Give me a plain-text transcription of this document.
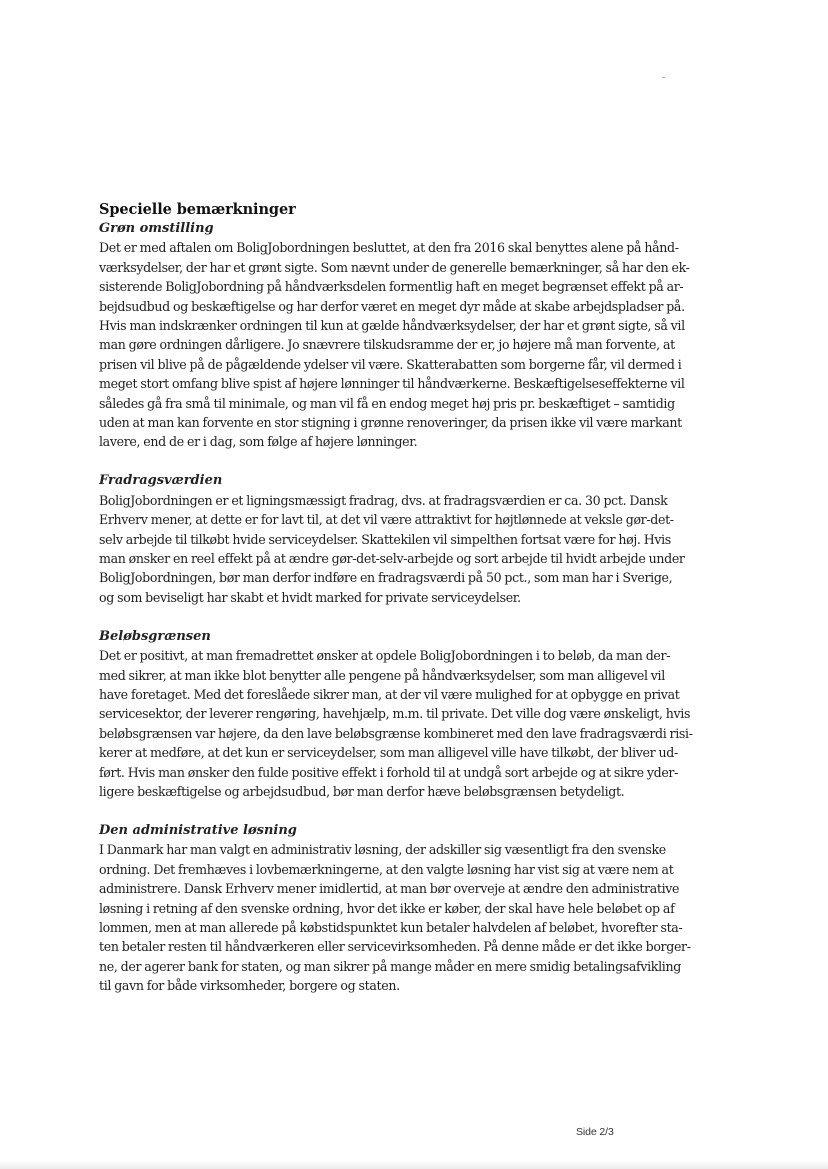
Specielle bemærkninger
Grøn omstilling
Det er med aftalen om BoligJobordningen besluttet, at den fra 2016 skal benyttes alene på hånd-
værksydelser, der har et grønt sigte. Som nævnt under de generelle bemærkninger, så har den ek-
sisterende BoligJobordning på håndværksdelen formentlig haft en meget begrænset effekt på ar-
bejdsudbud og beskæftigelse og har derfor været en meget dyr måde at skabe arbejdspladser på.
Hvis man indskrænker ordningen til kun at gælde håndværksydelser, der har et grønt sigte, så vil
man gøre ordningen dårligere. Jo snævrere tilskudsramme der er, jo højere må man forvente, at
prisen vil blive på de pågældende ydelser vil være. Skatterabatten som borgerne får, vil dermed i
meget stort omfang blive spist af højere lønninger til håndværkerne. Beskæftigelseseffekterne vil
således gå fra små til minimale, og man vil få en endog meget høj pris pr. beskæftiget – samtidig
uden at man kan forvente en stor stigning i grønne renoveringer, da prisen ikke vil være markant
lavere, end de er i dag, som følge af højere lønninger.
Fradragsværdien
BoligJobordningen er et ligningsmæssigt fradrag, dvs. at fradragsværdien er ca. 30 pct. Dansk
Erhverv mener, at dette er for lavt til, at det vil være attraktivt for højtlønnede at veksle gør-det-
selv arbejde til tilkøbt hvide serviceydelser. Skattekilen vil simpelthen fortsat være for høj. Hvis
man ønsker en reel effekt på at ændre gør-det-selv-arbejde og sort arbejde til hvidt arbejde under
BoligJobordningen, bør man derfor indføre en fradragsværdi på 50 pct., som man har i Sverige,
og som beviseligt har skabt et hvidt marked for private serviceydelser.
Beløbsgrænsen
Det er positivt, at man fremadrettet ønsker at opdele BoligJobordningen i to beløb, da man der-
med sikrer, at man ikke blot benytter alle pengene på håndværksydelser, som man alligevel vil
have foretaget. Med det foreslåede sikrer man, at der vil være mulighed for at opbygge en privat
servicesektor, der leverer rengøring, havehjælp, m.m. til private. Det ville dog være ønskeligt, hvis
beløbsgrænsen var højere, da den lave beløbsgrænse kombineret med den lave fradragsværdi risi-
kerer at medføre, at det kun er serviceydelser, som man alligevel ville have tilkøbt, der bliver ud-
ført. Hvis man ønsker den fulde positive effekt i forhold til at undgå sort arbejde og at sikre yder-
ligere beskæftigelse og arbejdsudbud, bør man derfor hæve beløbsgrænsen betydeligt.
Den administrative løsning
I Danmark har man valgt en administrativ løsning, der adskiller sig væsentligt fra den svenske
ordning. Det fremhæves i lovbemærkningerne, at den valgte løsning har vist sig at være nem at
administrere. Dansk Erhverv mener imidlertid, at man bør overveje at ændre den administrative
løsning i retning af den svenske ordning, hvor det ikke er køber, der skal have hele beløbet op af
lommen, men at man allerede på købstidspunktet kun betaler halvdelen af beløbet, hvorefter sta-
ten betaler resten til håndværkeren eller servicevirksomheden. På denne måde er det ikke borger-
ne, der agerer bank for staten, og man sikrer på mange måder en mere smidig betalingsafvikling
til gavn for både virksomheder, borgere og staten.
Side 2/3
